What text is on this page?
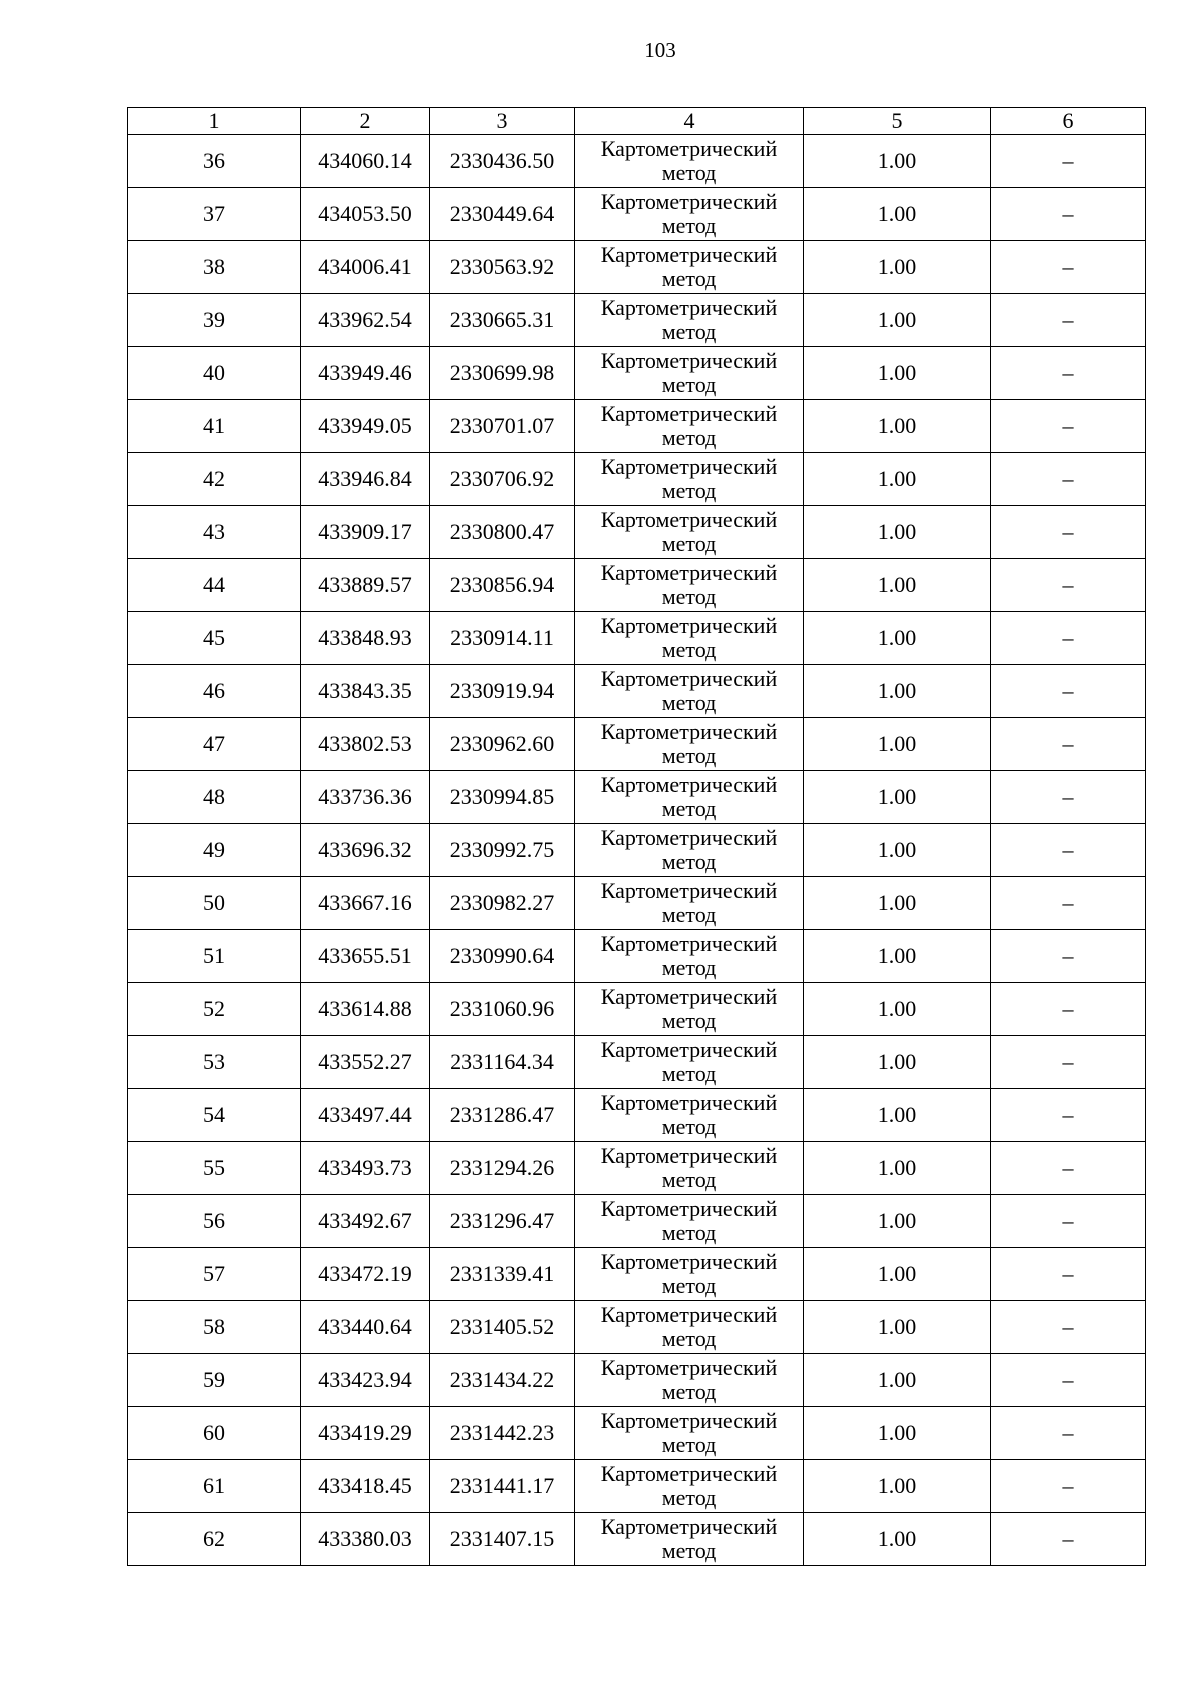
103
1	2	3	4	5	6
36	434060.14	2330436.50	Картометрический метод	1.00	–
37	434053.50	2330449.64	Картометрический метод	1.00	–
38	434006.41	2330563.92	Картометрический метод	1.00	–
39	433962.54	2330665.31	Картометрический метод	1.00	–
40	433949.46	2330699.98	Картометрический метод	1.00	–
41	433949.05	2330701.07	Картометрический метод	1.00	–
42	433946.84	2330706.92	Картометрический метод	1.00	–
43	433909.17	2330800.47	Картометрический метод	1.00	–
44	433889.57	2330856.94	Картометрический метод	1.00	–
45	433848.93	2330914.11	Картометрический метод	1.00	–
46	433843.35	2330919.94	Картометрический метод	1.00	–
47	433802.53	2330962.60	Картометрический метод	1.00	–
48	433736.36	2330994.85	Картометрический метод	1.00	–
49	433696.32	2330992.75	Картометрический метод	1.00	–
50	433667.16	2330982.27	Картометрический метод	1.00	–
51	433655.51	2330990.64	Картометрический метод	1.00	–
52	433614.88	2331060.96	Картометрический метод	1.00	–
53	433552.27	2331164.34	Картометрический метод	1.00	–
54	433497.44	2331286.47	Картометрический метод	1.00	–
55	433493.73	2331294.26	Картометрический метод	1.00	–
56	433492.67	2331296.47	Картометрический метод	1.00	–
57	433472.19	2331339.41	Картометрический метод	1.00	–
58	433440.64	2331405.52	Картометрический метод	1.00	–
59	433423.94	2331434.22	Картометрический метод	1.00	–
60	433419.29	2331442.23	Картометрический метод	1.00	–
61	433418.45	2331441.17	Картометрический метод	1.00	–
62	433380.03	2331407.15	Картометрический метод	1.00	–
